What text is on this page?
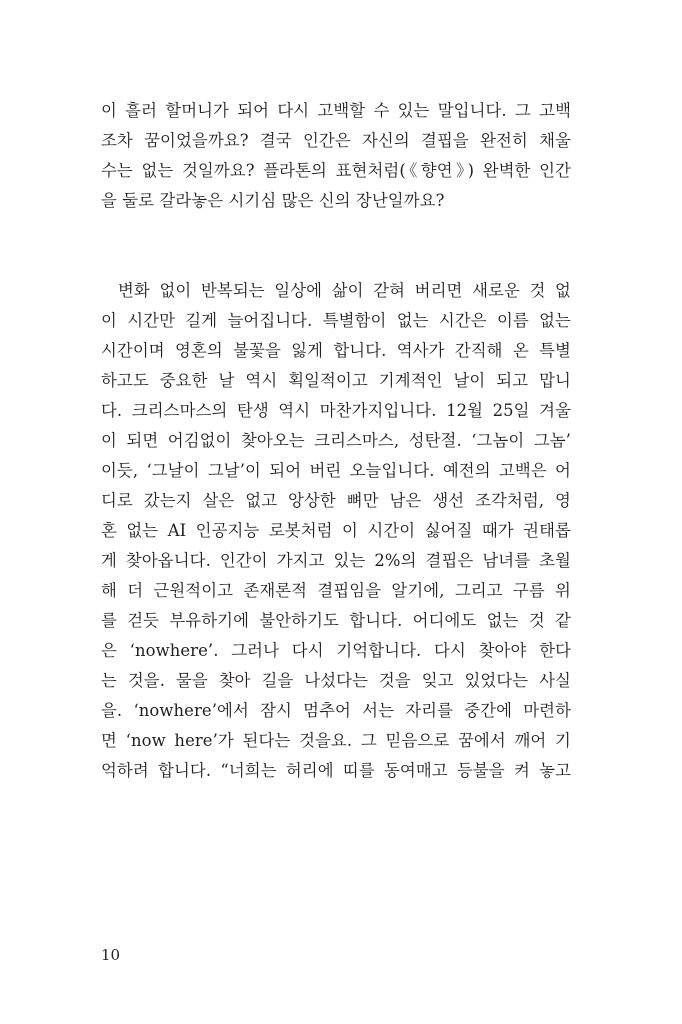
이 흘러 할머니가 되어 다시 고백할 수 있는 말입니다. 그 고백
조차 꿈이었을까요? 결국 인간은 자신의 결핍을 완전히 채울
수는 없는 것일까요? 플라톤의 표현처럼(《향연》) 완벽한 인간
을 둘로 갈라놓은 시기심 많은 신의 장난일까요?
변화 없이 반복되는 일상에 삶이 갇혀 버리면 새로운 것 없
이 시간만 길게 늘어집니다. 특별함이 없는 시간은 이름 없는
시간이며 영혼의 불꽃을 잃게 합니다. 역사가 간직해 온 특별
하고도 중요한 날 역시 획일적이고 기계적인 날이 되고 맙니
다. 크리스마스의 탄생 역시 마찬가지입니다. 12월 25일 겨울
이 되면 어김없이 찾아오는 크리스마스, 성탄절. ‘그놈이 그놈’
이듯, ‘그날이 그날’이 되어 버린 오늘입니다. 예전의 고백은 어
디로 갔는지 살은 없고 앙상한 뼈만 남은 생선 조각처럼, 영
혼 없는 AI 인공지능 로봇처럼 이 시간이 싫어질 때가 권태롭
게 찾아옵니다. 인간이 가지고 있는 2%의 결핍은 남녀를 초월
해 더 근원적이고 존재론적 결핍임을 알기에, 그리고 구름 위
를 걷듯 부유하기에 불안하기도 합니다. 어디에도 없는 것 같
은 ‘nowhere’. 그러나 다시 기억합니다. 다시 찾아야 한다
는 것을. 물을 찾아 길을 나섰다는 것을 잊고 있었다는 사실
을. ‘nowhere’에서 잠시 멈추어 서는 자리를 중간에 마련하
면 ‘now here’가 된다는 것을요. 그 믿음으로 꿈에서 깨어 기
억하려 합니다. “너희는 허리에 띠를 동여매고 등불을 켜 놓고
10
